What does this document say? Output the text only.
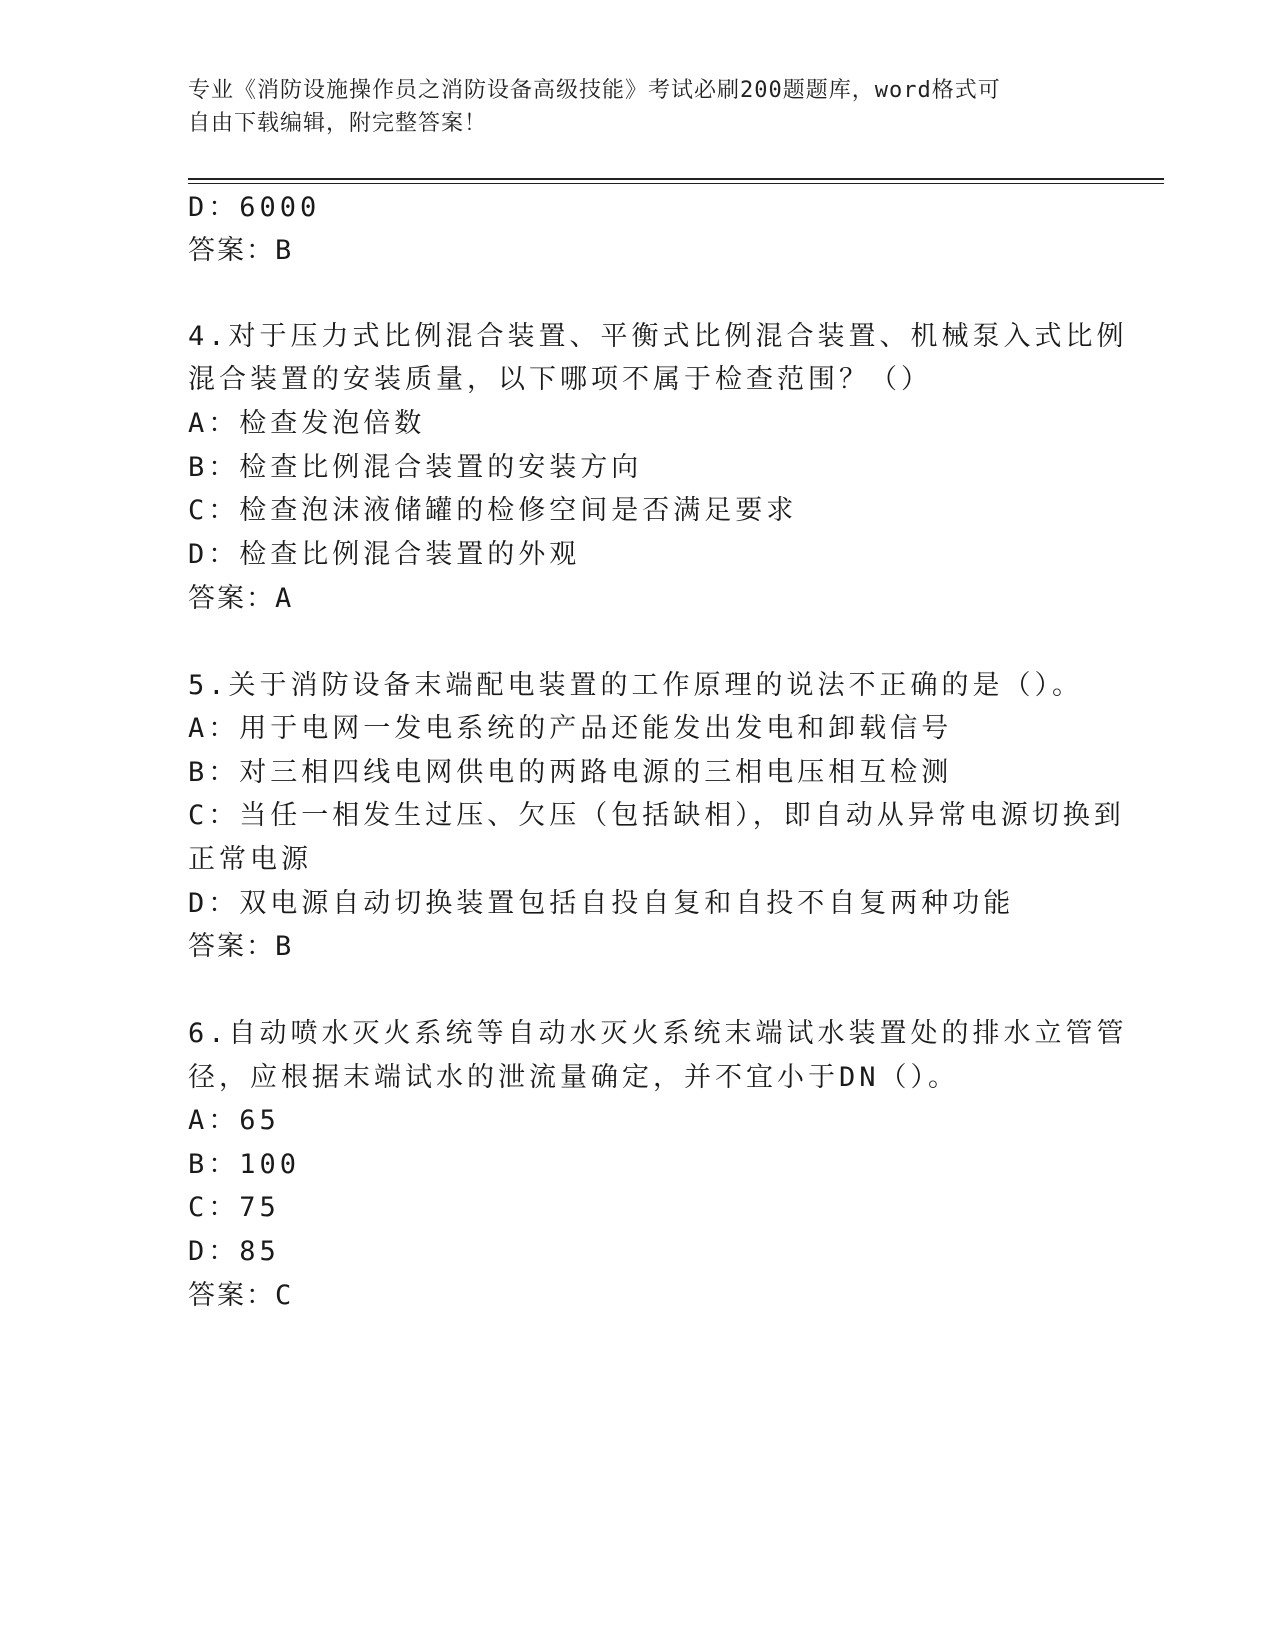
专业《消防设施操作员之消防设备高级技能》考试必刷200题题库，word格式可
自由下载编辑，附完整答案！
D：6000
答案：B
4.对于压力式比例混合装置、平衡式比例混合装置、机械泵入式比例
混合装置的安装质量，以下哪项不属于检查范围？（）
A：检查发泡倍数
B：检查比例混合装置的安装方向
C：检查泡沫液储罐的检修空间是否满足要求
D：检查比例混合装置的外观
答案：A
5.关于消防设备末端配电装置的工作原理的说法不正确的是（）。
A：用于电网一发电系统的产品还能发出发电和卸载信号
B：对三相四线电网供电的两路电源的三相电压相互检测
C：当任一相发生过压、欠压（包括缺相），即自动从异常电源切换到
正常电源
D：双电源自动切换装置包括自投自复和自投不自复两种功能
答案：B
6.自动喷水灭火系统等自动水灭火系统末端试水装置处的排水立管管
径，应根据末端试水的泄流量确定，并不宜小于DN（）。
A：65
B：100
C：75
D：85
答案：C
